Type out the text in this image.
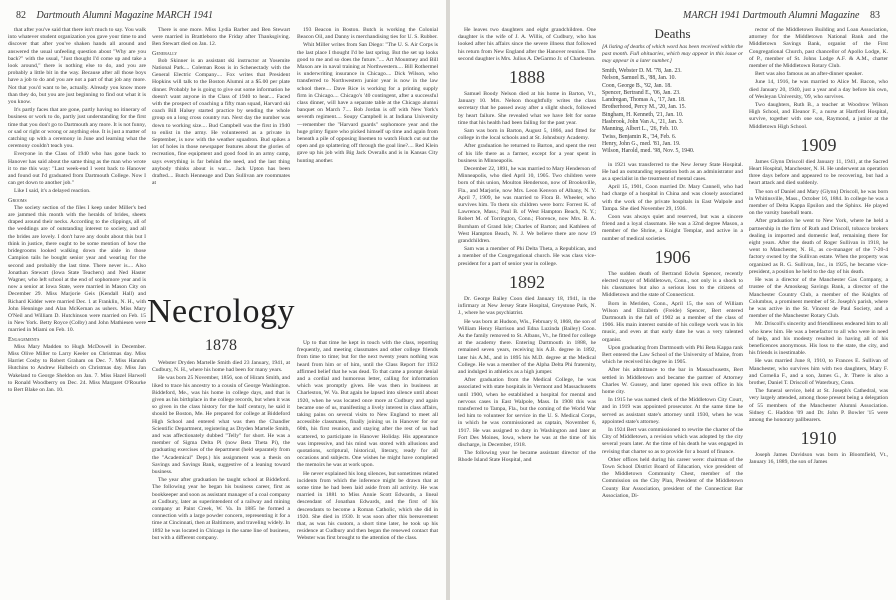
82 Dartmouth Alumni Magazine MARCH 1941

that after you've said that there isn't much to say. You walk into whatever student organization you gave your time to and discover that after you've shaken hands all around and answered the usual unfeeling question about "Why are you back?" with the usual, "Just thought I'd come up and take a look around," there is nothing else to do, and you are probably a little bit in the way. Because after all those boys have a job to do and you are not a part of that job any more. Not that you'd want to be, actually. Already you know more than they do, but you are just beginning to find out what it is you know.

It's partly faces that are gone, partly having no itinerary of business or work to do, partly just understanding for the first time that you don't go to Dartmouth any more. It is not funny, or sad or right or wrong or anything else. It is just a matter of catching up with a ceremony in June and learning what the ceremony couldn't teach you.

Everyone in the Class of 1940 who has gone back to Hanover has said about the same thing as the man who wrote it to me this way: "Last week-end I went back to Hanover and found out I'd graduated from Dartmouth College. Now I can get down to another job."

Like I said, it's a delayed reaction.

Grooms

The society section of the files I keep under Miller's bed are jammed this month with the heralds of brides, sheets draped around their necks. According to the clippings, all of the weddings are of outstanding interest to society, and all the brides are lovely. I don't have any doubt about this but I think in justice, there ought to be some mention of how the bridegrooms looked walking down the aisle in those Campion tails he bought senior year and wearing for the second and probably the last time. There never is.... Also Jonathan Stewart (Iowa State Teachers) and Ned Haster Wagner, who left school at the end of sophomore year and is now a senior at Iowa State, were married in Mason City on December 29. Miss Marjorie Geis (Kendall Hall) and Richard Kidder were married Dec. 1 at Franklin, N. H., with John Henninge and Alan McKernan as ushers. Miss Mary O'Neil and William D. Hutchinson were married on Feb. 15 in New York. Betty Royce (Colby) and John Mathiesen were married in Miami on Feb. 10.

Engagements

Miss Mary Madden to Hugh McDowell in December. Miss Olive Miller to Larry Keeler on Christmas day. Miss Harriet Cosby to Robert Graham on Dec. 7. Miss Hannah Hutchins to Andrew Halbeich on Christmas day. Miss Jan Wakeland to George Sheldon on Jan. 7. Miss Hazel Harwell to Ronald Woodberry on Dec. 24. Miss Margaret O'Rourke to Bert Blake on Jan. 10.

There is one more. Miss Lydia Barber and Ben Stewart were married in Brattleboro the Friday after Thanksgiving. Ben Stewart died on Jan. 12.

Generally

Bob Skinner is an assistant ski instructor at Yosemite National Park.... Coleman Ross is in Schenectady with the General Electric Company.... Fox writes that President Hopkins will talk to the Boston Alumni at a $5.00 per plate dinner. Probably he is going to give out some information he doesn't want anyone in the Class of 1940 to hear.... Faced with the prospect of coaching a fifty man squad, Harvard ski coach Bill Halsey started practice by sending the whole group on a long cross country run. Next day the number was down to working size.... Bud Campbell was the first in 1940 to enlist in the army. He volunteered as a private in September, is now with the weather squadron. Bud spikes a lot of holes in those newspaper features about the glories of recreation, fine equipment and good food in an army camp, says everything is far behind the need, and the last thing anybody thinks about is war.... Jack Upton has been drafted.... Butch Henneage and Dan Sullivan are roommates at

193 Beacon in Boston. Butch is working the Colonial Beacon Oil, and Danny is merchandising ties for U. S. Rubber.

Whit Miller writes from San Diego: "The U. S. Air Corps is the last place I thought I'd be last spring. But the set up looks good to me and so does the future.".... Art Mountney and Bill Maxon are in naval training at Northwestern.... Bill Rothermel is underwriting insurance in Chicago.... Dick Wilson, who transferred to Northwestern junior year is now in the law school there.... Dave Rice is working for a printing supply firm in Chicago.... Chicago's '40 contingent, after a successful class dinner, will have a separate table at the Chicago alumni banquet on March 7.... Bob Jordan is off with New York's seventh regiment.... Soupy Campbell is at Indiana University—remember the "Harvard guards" sophomore year and the huge grimy figure who picked himself up time and again from beneath a pile of opposing linemen to watch Hutch cut out the open and go splattering off through the goal line?.... Red Klein gave up his job with Big Jack Overalls and is in Kansas City hunting another.

Necrology
1878

Webster Dryden Martelle Smith died 23 January, 1941, at Cudbury, N. H., where his home had been for many years.

He was born 25 November, 1856, son of Hiram Smith, and liked to trace his ancestry to a cousin of George Washington. Biddeford, Me., was his home in college days, and that is given as his birthplace in the college records, but when it was so given in the class history for the half century, he said it should be Boston, Me. He prepared for college at Biddeford High School and entered what was then the Chandler Scientific Department, registering as Dryden Martelle Smith, and was affectionately dubbed "Telly" for short. He was a member of Sigma Delta Pi (now Beta Theta Pi), the graduating exercises of the department (held separately from the "Academical" Dept.) his assignment was a thesis on Savings and Savings Bank, suggestive of a leaning toward business.

The year after graduation he taught school at Biddeford. The following year he began his business career, first as bookkeeper and soon as assistant manager of a coal company at Cudbury, later as superintendent of a railway and mining company at Paint Creek, W. Va. In 1885 he formed a connection with a large powder concern, representing it for a time at Cincinnati, then at Baltimore, and traveling widely. In 1892 he was located in Chicago in the same line of business, but with a different company.

Up to that time he kept in touch with the class, reporting frequently, and meeting classmates and other college friends from time to time; but for the next twenty years nothing was heard from him or of him, until the Class Report for 1932 affirmed belief that he was dead. To that came a prompt denial and a cordial and humorous letter, calling for information which was promptly given. He was then in business at Charleston, W. Va. But again he lapsed into silence until about 1920, when he was located once more at Cudbury and again became one of us, manifesting a lively interest in class affairs, taking pains on several visits to New England to meet all accessible classmates, finally joining us in Hanover for our 60th, his first reunion, and staying after the rest of us had scattered, to participate in Hanover Holiday. His appearance was impressive, and his mind was stored with allusions and quotations, scriptural, historical, literary, ready for all occasions and subjects. One wishes he might have completed the memoirs he was at work upon.

He never explained his long silences, but sometimes related incidents from which the inference might be drawn that at some time he had been laid aside from all activity. He was married in 1881 to Miss Annie Scott Edwards, a lineal descendant of Jonathan Edwards, and the first of his descendants to become a Roman Catholic, which she did in 1920. She died in 1930. It was soon after this bereavement that, as was his custom, a short time later, he took up his residence at Cudbury and then began the renewed contact that Webster was first brought to the attention of the class.

MARCH 1941 Dartmouth Alumni Magazine 83

He leaves two daughters and eight grandchildren. One daughter is the wife of J. A. Willis, of Cudbury, who has looked after his affairs since the severe illness that followed his return from New England after the Hanover reunion. The second daughter is Mrs. Julius A. DeGarmo Jr. of Charleston.

1888

Samuel Boody Nelson died at his home in Barton, Vt., January 10. Mrs. Nelson thoughtfully writes the class secretary that he passed away after a slight shock, followed by heart failure. She revealed what we have felt for some time that his health had been failing for the past year.

Sam was born in Barton, August 5, 1866, and fitted for college in the local schools and at St. Johnsbury Academy.

After graduation he returned to Barton, and spent the rest of his life there as a farmer, except for a year spent in business in Minneapolis.

December 22, 1891, he was married to Mary Henderson of Minneapolis, who died April 10, 1905. Two children were born of this union, Moulton Henderson, now of Brooksville, Fla., and Marjorie, now Mrs. Leon Kenvon of Albany, N. Y. April 7, 1909, he was married to Flora B. Wheeler, who survives him. To them six children were born: Forrest K. of Lawrence, Mass.; Paul B. of West Hampton Beach, N. Y.; Robert M. of Torrington, Conn.; Florence, now Mrs. B. A. Burnham of Grand Isle; Charles of Barton; and Kathleen of West Hampton Beach, N. J. We believe there are now 19 grandchildren.

Sam was a member of Phi Delta Theta, a Republican, and a member of the Congregational church. He was class vice-president for a part of senior year in college.

1892

Dr. George Bailey Coon died January 18, 1941, in the infirmary at New Jersey State Hospital, Greystone Park, N. J., where he was psychiatrist.

He was born at Hudson, Wis., February 8, 1868, the son of William Henry Harrison and Edna Luzinda (Bailey) Coon. As the family removed to St. Albans, Vt., he fitted for college at the academy there. Entering Dartmouth in 1888, he remained seven years, receiving his A.B. degree in 1892, later his A.M., and in 1895 his M.D. degree at the Medical College. He was a member of the Alpha Delta Phi fraternity, and indulged in athletics as a high jumper.

After graduation from the Medical College, he was associated with state hospitals in Vermont and Massachusetts until 1900, when he established a hospital for mental and nervous cases in East Walpole, Mass. In 1908 this was transferred to Tampa, Fla., but the coming of the World War led him to volunteer for service in the U. S. Medical Corps, in which he was commissioned as captain, November 6, 1917. He was assigned to duty in Washington and later at Fort Des Moines, Iowa, where he was at the time of his discharge, in December, 1918.

The following year he became assistant director of the Rhode Island State Hospital, and

Deaths
[A listing of deaths of which word has been received within the past month. Full obituaries, which may appear in this issue or may appear in a later number.]
Smith, Webster D. M. '78, Jan. 23.
Nelson, Samuel B., '88, Jan. 10.
Coon, George B., '92, Jan. 18.
Spencer, Bertrand E., '06, Jan. 23.
Landregan, Thomas A., '17, Jan. 18.
Brotherhood, Percy M., '20, Jan. 15.
Bingham, H. Kenneth, '21, Jan. 10.
Hasbrook, John Van A., '21, Jan. 3.
Manning, Albert L., '26, Feb. 10.
Twiss, Benjamin R., '34, Feb. 6.
Henry, John G., med. '81, Jan. 19.
Wilson, Harold, med. '98, Nov. 5, 1940.

in 1921 was transferred to the New Jersey State Hospital. He had an outstanding reputation both as an administrator and as a specialist in the treatment of mental cases.

April 15, 1901, Coon married Dr. Mary Cannell, who had had charge of a hospital in China and was closely associated with the work of the private hospitals in East Walpole and Tampa. She died November 29, 1936.

Coon was always quiet and reserved, but was a sincere friend and a loyal classmate. He was a 32nd degree Mason, a member of the Shrine, a Knight Templar, and active in a number of medical societies.

1906

The sudden death of Bertrand Edwin Spencer, recently elected mayor of Middletown, Conn., not only is a shock to his classmates but also a serious loss to the citizens of Middletown and the state of Connecticut.

Born in Meriden, Conn., April 15, the son of William Wilson and Elizabeth (Freide) Spencer, Bert entered Dartmouth in the fall of 1902 as a member of the class of 1906. His main interest outside of his college work was in his music, and even at that early date he was a very talented organist.

Upon graduating from Dartmouth with Phi Beta Kappa rank Bert entered the Law School of the University of Maine, from which he received his degree in 1905.

After his admittance to the bar in Massachusetts, Bert settled in Middletown and became the partner of Attorney Charles W. Gussey, and later opened his own office in his home city.

In 1915 he was named clerk of the Middletown City Court, and in 1919 was appointed prosecutor. At the same time he served as assistant state's attorney until 1930, when he was appointed state's attorney.

In 1924 Bert was commissioned to rewrite the charter of the City of Middletown, a revision which was adopted by the city several years later. At the time of his death he was engaged in revising that charter so as to provide for a board of finance.

Other offices held during his career were: chairman of the Town School District Board of Education, vice president of the Middletown Community Chest, member of the Commission on the City Plan, President of the Middletown County Bar Association, president of the Connecticut Bar Association, Di-

rector of the Middletown Building and Loan Association, attorney for the Middletown National Bank and the Middletown Savings Bank, organist of the First Congregational Church, past chancellor of Apollo Lodge, K. of P., member of St. Johns Lodge A.F. & A.M., charter member of the Middletown Rotary Club.

Bert was also famous as an after-dinner speaker.

June 14, 1916, he was married to Alice M. Bacon, who died January 20, 1940, just a year and a day before his own, of Wesleyan University, '09, who survives.

Two daughters, Ruth B., a teacher at Woodrow Wilson High School, and Eleanor F., a nurse at Hartford Hospital, survive, together with one son, Raymond, a junior at the Middletown High School.

1909

James Glynn Driscoll died January 11, 1941, at the Sacred Heart Hospital, Manchester, N. H. He underwent an operation three days before and appeared to be recovering, but had a heart attack and died suddenly.

The son of Daniel and Mary (Glynn) Driscoll, he was born in Whitinsville, Mass., October 16, 1884. In college he was a member of Delta Kappa Epsilon and the Sphinx. He played on the varsity baseball team.

After graduation he went to New York, where he held a partnership in the firm of Ruth and Driscoll, tobacco brokers dealing in imported and domestic leaf, remaining there for eight years. After the death of Roger Sullivan in 1918, he went to Manchester, N. H., as co-manager of the 7-20-4 factory owned by the Sullivan estate. When the property was organized as R. G. Sullivan, Inc., in 1925, he became vice-president, a position he held to the day of his death.

He was a director of the Manchester Gas Company, a trustee of the Amoskeag Savings Bank, a director of the Manchester Country Club, a member of the Knights of Columbus, a prominent member of St. Joseph's parish, where he was active in the St. Vincent de Paul Society, and a member of the Manchester Rotary Club.

Mr. Driscoll's sincerity and friendliness endeared him to all who knew him. He was a benefactor to all who were in need of help, and his modesty resulted in having all of his beneficences anonymous. His loss to the state, the city, and his friends is inestimable.

He was married June 8, 1910, to Frances E. Sullivan of Manchester, who survives him with two daughters, Mary F. and Cornelia F., and a son, James G., Jr. There is also a brother, Daniel T. Driscoll of Waterbury, Conn.

The funeral service, held at St. Joseph's Cathedral, was very largely attended, among those present being a delegation of 55 members of the Manchester Alumni Association. Sidney C. Haddon '09 and Dr. John P. Bowler '15 were among the honorary pallbearers.

1910

Joseph James Davidson was born in Bloomfield, Vt., January 16, 1889, the son of James
